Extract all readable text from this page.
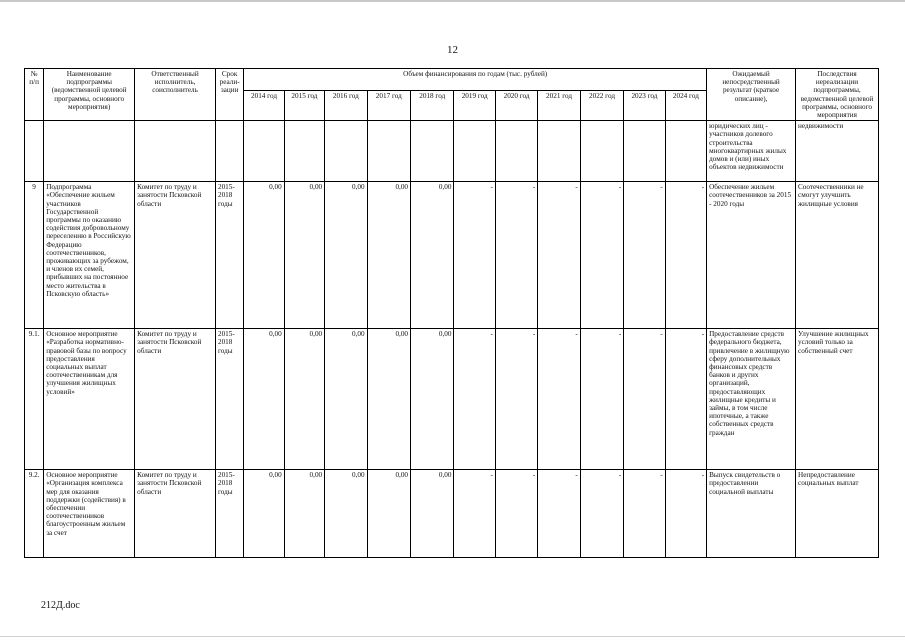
12
№ п/п	Наименование подпрограммы (ведомственной целевой программы, основного мероприятия)	Ответственный исполнитель, соисполнитель	Срок реали-зации	Объем финансирования по годам (тыс. рублей)											Ожидаемый непосредственный результат (краткое описание),	Последствия нереализации подпрограммы, ведомственной целевой программы, основного мероприятия
				2014 год	2015 год	2016 год	2017 год	2018 год	2019 год	2020 год	2021 год	2022 год	2023 год	2024 год		
															юридических лиц - участников долевого строительства многоквартирных жилых домов и (или) иных объектов недвижимости	недвижимости
9	Подпрограмма «Обеспечение жильем участников Государственной программы по оказанию содействия добровольному переселению в Российскую Федерацию соотечественников, проживающих за рубежом, и членов их семей, прибывших на постоянное место жительства в Псковскую область»	Комитет по труду и занятости Псковской области	2015-2018 годы	0,00	0,00	0,00	0,00	0,00	-	-	-	-	-	-	Обеспечение жильем соотечественников за 2015 - 2020 годы	Соотечественники не смогут улучшить жилищные условия
9.1.	Основное мероприятие «Разработка нормативно-правовой базы по вопросу предоставления социальных выплат соотечественникам для улучшения жилищных условий»	Комитет по труду и занятости Псковской области	2015-2018 годы	0,00	0,00	0,00	0,00	0,00	-	-	-	-	-	-	Предоставление средств федерального бюджета, привлечение в жилищную сферу дополнительных финансовых средств банков и других организаций, предоставляющих жилищные кредиты и займы, в том числе ипотечные, а также собственных средств граждан	Улучшение жилищных условий только за собственный счет
9.2.	Основное мероприятие «Организация комплекса мер для оказания поддержки (содействия) в обеспечении соотечественников благоустроенным жильем за счет	Комитет по труду и занятости Псковской области	2015-2018 годы	0,00	0,00	0,00	0,00	0,00	-	-	-	-	-	-	Выпуск свидетельств о предоставлении социальной выплаты	Непредоставление социальных выплат
212Д.doc
